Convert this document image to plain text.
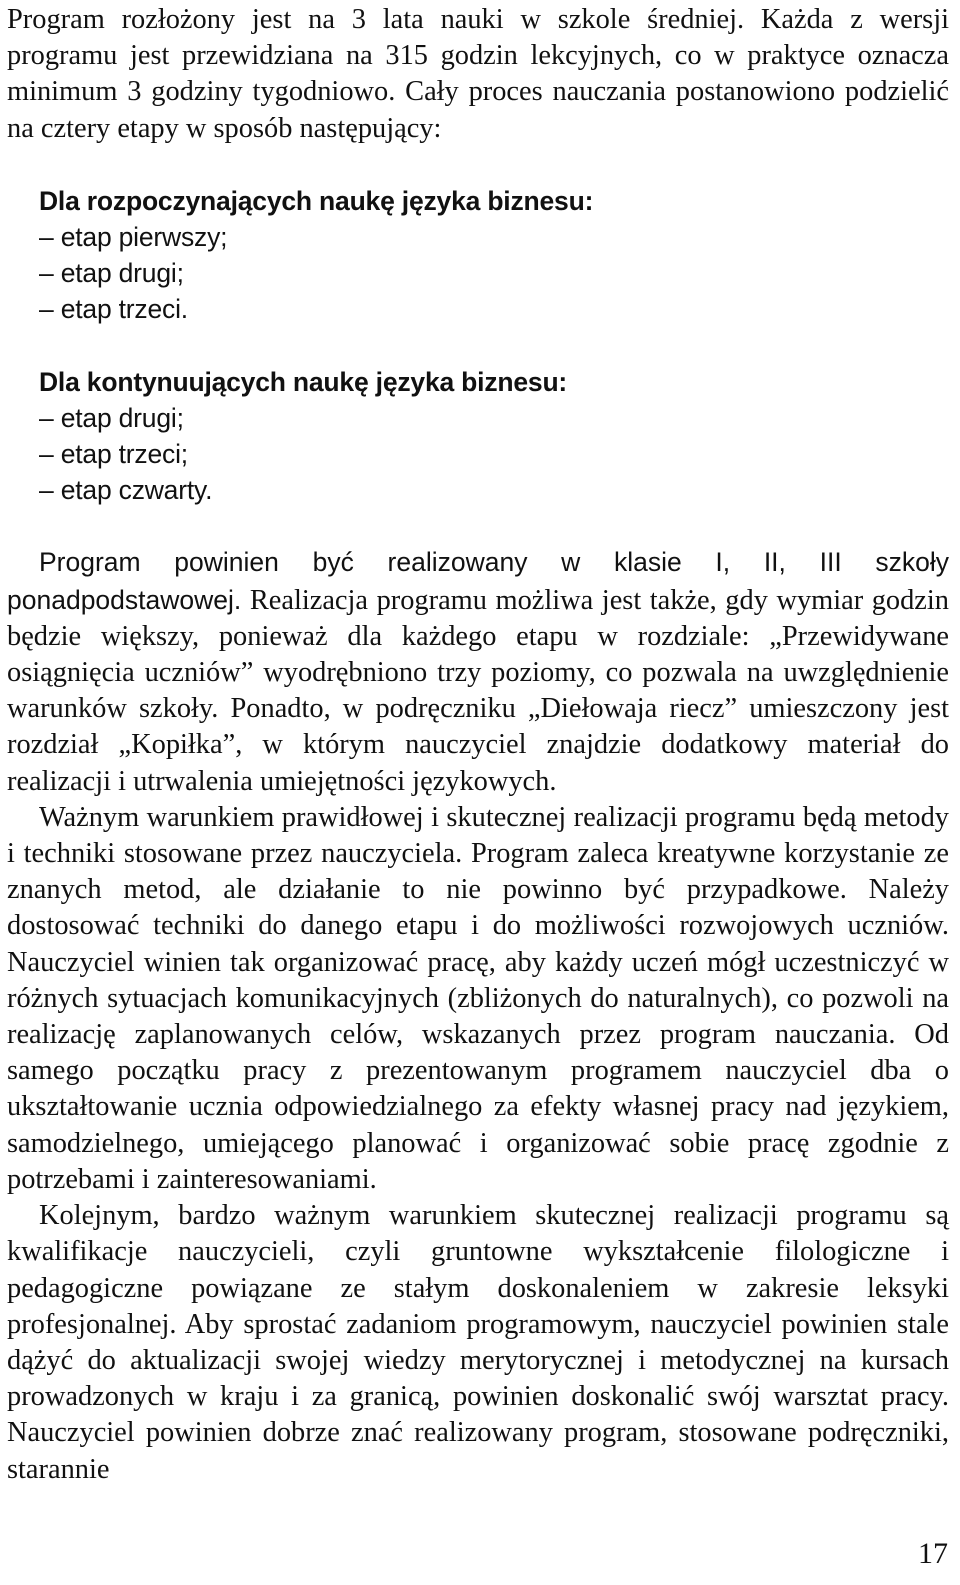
Program rozłożony jest na 3 lata nauki w szkole średniej. Każda z wersji programu jest przewidziana na 315 godzin lekcyjnych, co w praktyce oznacza minimum 3 godziny tygodniowo. Cały proces nauczania postanowiono podzielić na cztery etapy w sposób następujący:

Dla rozpoczynających naukę języka biznesu:

– etap pierwszy;
– etap drugi;
– etap trzeci.

Dla kontynuujących naukę języka biznesu:

– etap drugi;
– etap trzeci;
– etap czwarty.

Program powinien być realizowany w klasie I, II, III szkoły ponadpodstawowej. Realizacja programu możliwa jest także, gdy wymiar godzin będzie większy, ponieważ dla każdego etapu w rozdziale: „Przewidywane osiągnięcia uczniów” wyodrębniono trzy poziomy, co pozwala na uwzględnienie warunków szkoły. Ponadto, w podręczniku „Diełowaja riecz” umieszczony jest rozdział „Kopiłka”, w którym nauczyciel znajdzie dodatkowy materiał do realizacji i utrwalenia umiejętności językowych.

Ważnym warunkiem prawidłowej i skutecznej realizacji programu będą metody i techniki stosowane przez nauczyciela. Program zaleca kreatywne korzystanie ze znanych metod, ale działanie to nie powinno być przypadkowe. Należy dostosować techniki do danego etapu i do możliwości rozwojowych uczniów. Nauczyciel winien tak organizować pracę, aby każdy uczeń mógł uczestniczyć w różnych sytuacjach komunikacyjnych (zbliżonych do naturalnych), co pozwoli na realizację zaplanowanych celów, wskazanych przez program nauczania. Od samego początku pracy z prezentowanym programem nauczyciel dba o ukształtowanie ucznia odpowiedzialnego za efekty własnej pracy nad językiem, samodzielnego, umiejącego planować i organizować sobie pracę zgodnie z potrzebami i zainteresowaniami.

Kolejnym, bardzo ważnym warunkiem skutecznej realizacji programu są kwalifikacje nauczycieli, czyli gruntowne wykształcenie filologiczne i pedagogiczne powiązane ze stałym doskonaleniem w zakresie leksyki profesjonalnej. Aby sprostać zadaniom programowym, nauczyciel powinien stale dążyć do aktualizacji swojej wiedzy merytorycznej i metodycznej na kursach prowadzonych w kraju i za granicą, powinien doskonalić swój warsztat pracy. Nauczyciel powinien dobrze znać realizowany program, stosowane podręczniki, starannie

17
